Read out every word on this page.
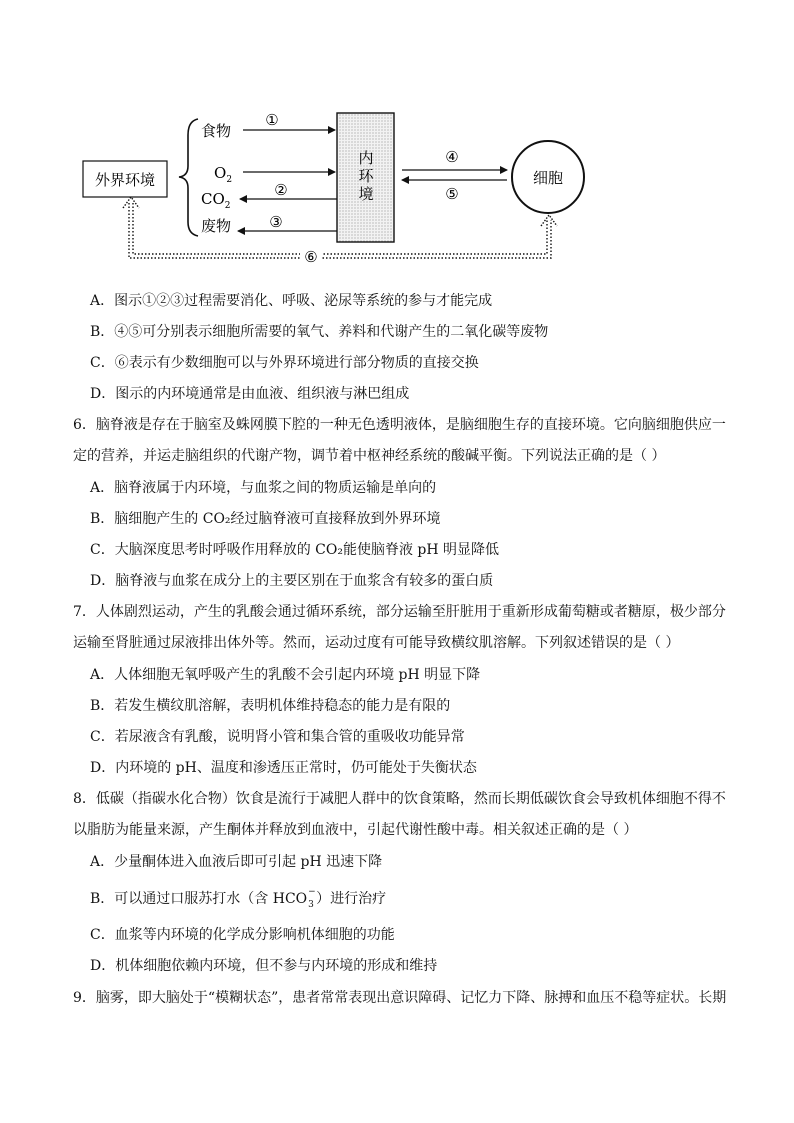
外界环境
食物
$O_2$
$CO_2$
废物
内
环
境
①
②
③
④
⑤
细胞
⑥
A．图示①②③过程需要消化、呼吸、泌尿等系统的参与才能完成
B．④⑤可分别表示细胞所需要的氧气、养料和代谢产生的二氧化碳等废物
C．⑥表示有少数细胞可以与外界环境进行部分物质的直接交换
D．图示的内环境通常是由血液、组织液与淋巴组成
6．脑脊液是存在于脑室及蛛网膜下腔的一种无色透明液体，是脑细胞生存的直接环境。它向脑细胞供应一
定的营养，并运走脑组织的代谢产物，调节着中枢神经系统的酸碱平衡。下列说法正确的是（ ）
A．脑脊液属于内环境，与血浆之间的物质运输是单向的
B．脑细胞产生的 CO₂经过脑脊液可直接释放到外界环境
C．大脑深度思考时呼吸作用释放的 CO₂能使脑脊液 pH 明显降低
D．脑脊液与血浆在成分上的主要区别在于血浆含有较多的蛋白质
7．人体剧烈运动，产生的乳酸会通过循环系统，部分运输至肝脏用于重新形成葡萄糖或者糖原，极少部分
运输至肾脏通过尿液排出体外等。然而，运动过度有可能导致横纹肌溶解。下列叙述错误的是（ ）
A．人体细胞无氧呼吸产生的乳酸不会引起内环境 pH 明显下降
B．若发生横纹肌溶解，表明机体维持稳态的能力是有限的
C．若尿液含有乳酸，说明肾小管和集合管的重吸收功能异常
D．内环境的 pH、温度和渗透压正常时，仍可能处于失衡状态
8．低碳（指碳水化合物）饮食是流行于减肥人群中的饮食策略，然而长期低碳饮食会导致机体细胞不得不
以脂肪为能量来源，产生酮体并释放到血液中，引起代谢性酸中毒。相关叙述正确的是（ ）
A．少量酮体进入血液后即可引起 pH 迅速下降
B．可以通过口服苏打水（含 HCO −
3 ）进行治疗
C．血浆等内环境的化学成分影响机体细胞的功能
D．机体细胞依赖内环境，但不参与内环境的形成和维持
9．脑雾，即大脑处于“模糊状态”，患者常常表现出意识障碍、记忆力下降、脉搏和血压不稳等症状。长期
